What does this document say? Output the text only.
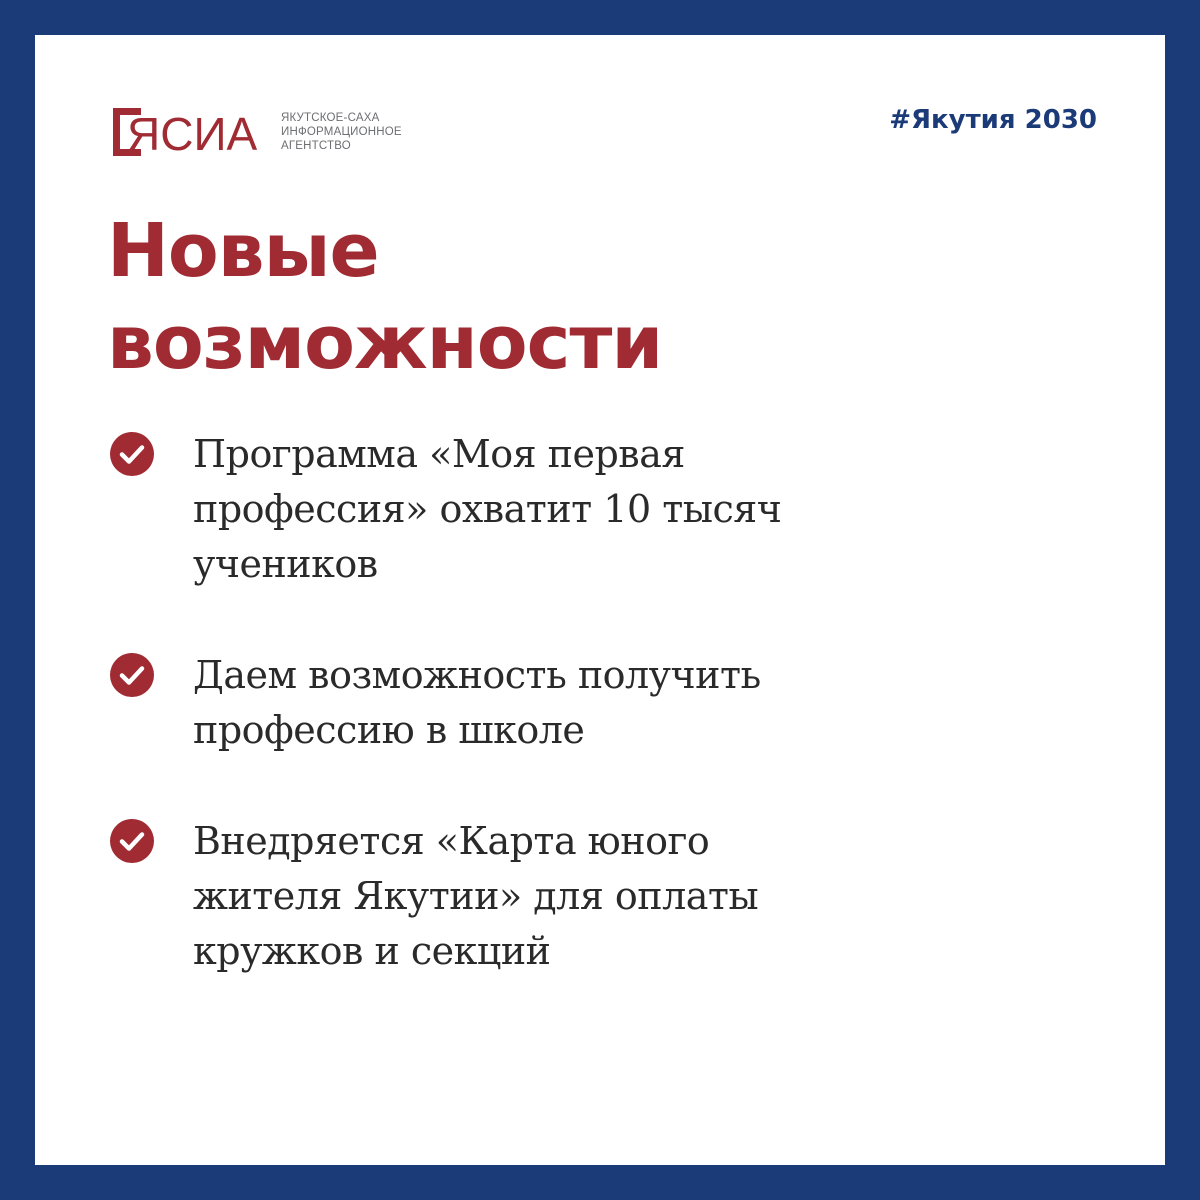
ЯСИА ЯКУТСКОЕ-САХА
ИНФОРМАЦИОННОЕ
АГЕНТСТВО
#Якутия 2030
Новые
возможности
Программа «Моя первая профессия» охватит 10 тысяч учеников
Даем возможность получить профессию в школе
Внедряется «Карта юного жителя Якутии» для оплаты кружков и секций
